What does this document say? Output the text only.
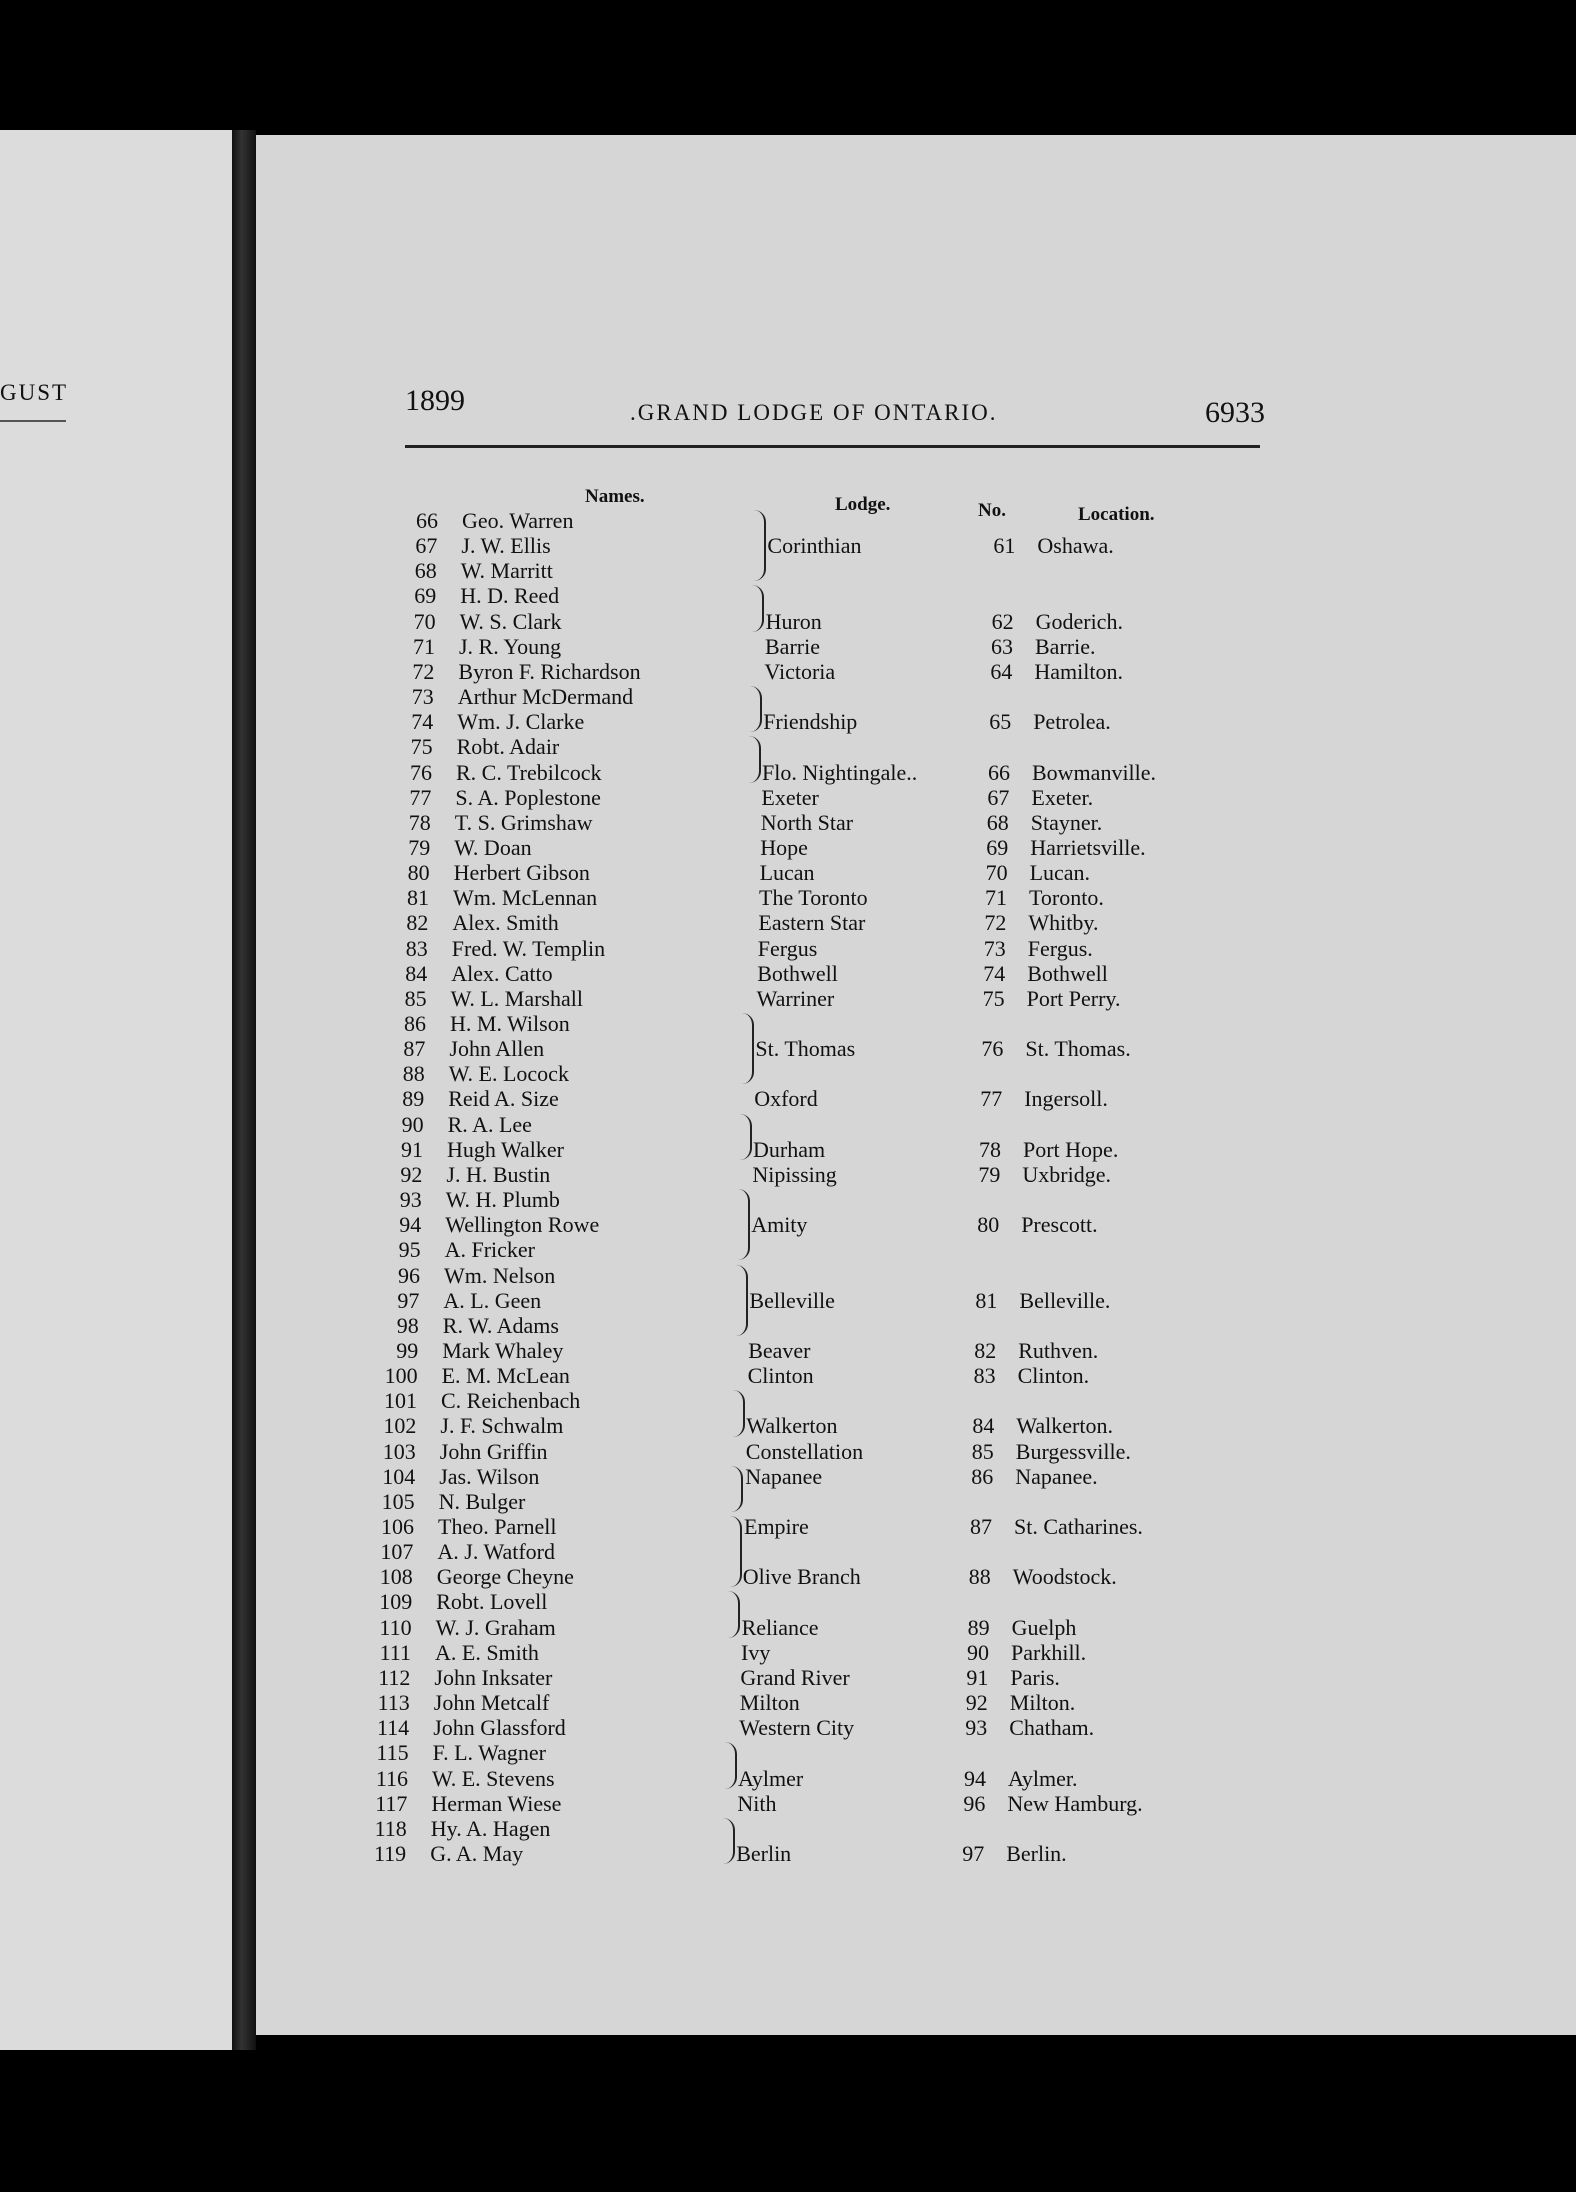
GUST	1899	.GRAND LODGE OF ONTARIO.	6933
Names.	Lodge.	No.	Location.
66 Geo. Warren
67 J. W. Ellis	Corinthian	61 Oshawa.
68 W. Marritt
69 H. D. Reed
70 W. S. Clark	Huron	62 Goderich.
71 J. R. Young	Barrie	63 Barrie.
72 Byron F. Richardson	Victoria	64 Hamilton.
73 Arthur McDermand
74 Wm. J. Clarke	Friendship	65 Petrolea.
75 Robt. Adair
76 R. C. Trebilcock	Flo. Nightingale..	66 Bowmanville.
77 S. A. Poplestone	Exeter	67 Exeter.
78 T. S. Grimshaw	North Star	68 Stayner.
79 W. Doan	Hope	69 Harrietsville.
80 Herbert Gibson	Lucan	70 Lucan.
81 Wm. McLennan	The Toronto	71 Toronto.
82 Alex. Smith	Eastern Star	72 Whitby.
83 Fred. W. Templin	Fergus	73 Fergus.
84 Alex. Catto	Bothwell	74 Bothwell
85 W. L. Marshall	Warriner	75 Port Perry.
86 H. M. Wilson
87 John Allen	St. Thomas	76 St. Thomas.
88 W. E. Locock
89 Reid A. Size	Oxford	77 Ingersoll.
90 R. A. Lee
91 Hugh Walker	Durham	78 Port Hope.
92 J. H. Bustin	Nipissing	79 Uxbridge.
93 W. H. Plumb
94 Wellington Rowe	Amity	80 Prescott.
95 A. Fricker
96 Wm. Nelson
97 A. L. Geen	Belleville	81 Belleville.
98 R. W. Adams
99 Mark Whaley	Beaver	82 Ruthven.
100 E. M. McLean	Clinton	83 Clinton.
101 C. Reichenbach
102 J. F. Schwalm	Walkerton	84 Walkerton.
103 John Griffin	Constellation	85 Burgessville.
104 Jas. Wilson	Napanee	86 Napanee.
105 N. Bulger
106 Theo. Parnell	Empire	87 St. Catharines.
107 A. J. Watford
108 George Cheyne	Olive Branch	88 Woodstock.
109 Robt. Lovell
110 W. J. Graham	Reliance	89 Guelph
111 A. E. Smith	Ivy	90 Parkhill.
112 John Inksater	Grand River	91 Paris.
113 John Metcalf	Milton	92 Milton.
114 John Glassford	Western City	93 Chatham.
115 F. L. Wagner
116 W. E. Stevens	Aylmer	94 Aylmer.
117 Herman Wiese	Nith	96 New Hamburg.
118 Hy. A. Hagen
119 G. A. May	Berlin	97 Berlin.
